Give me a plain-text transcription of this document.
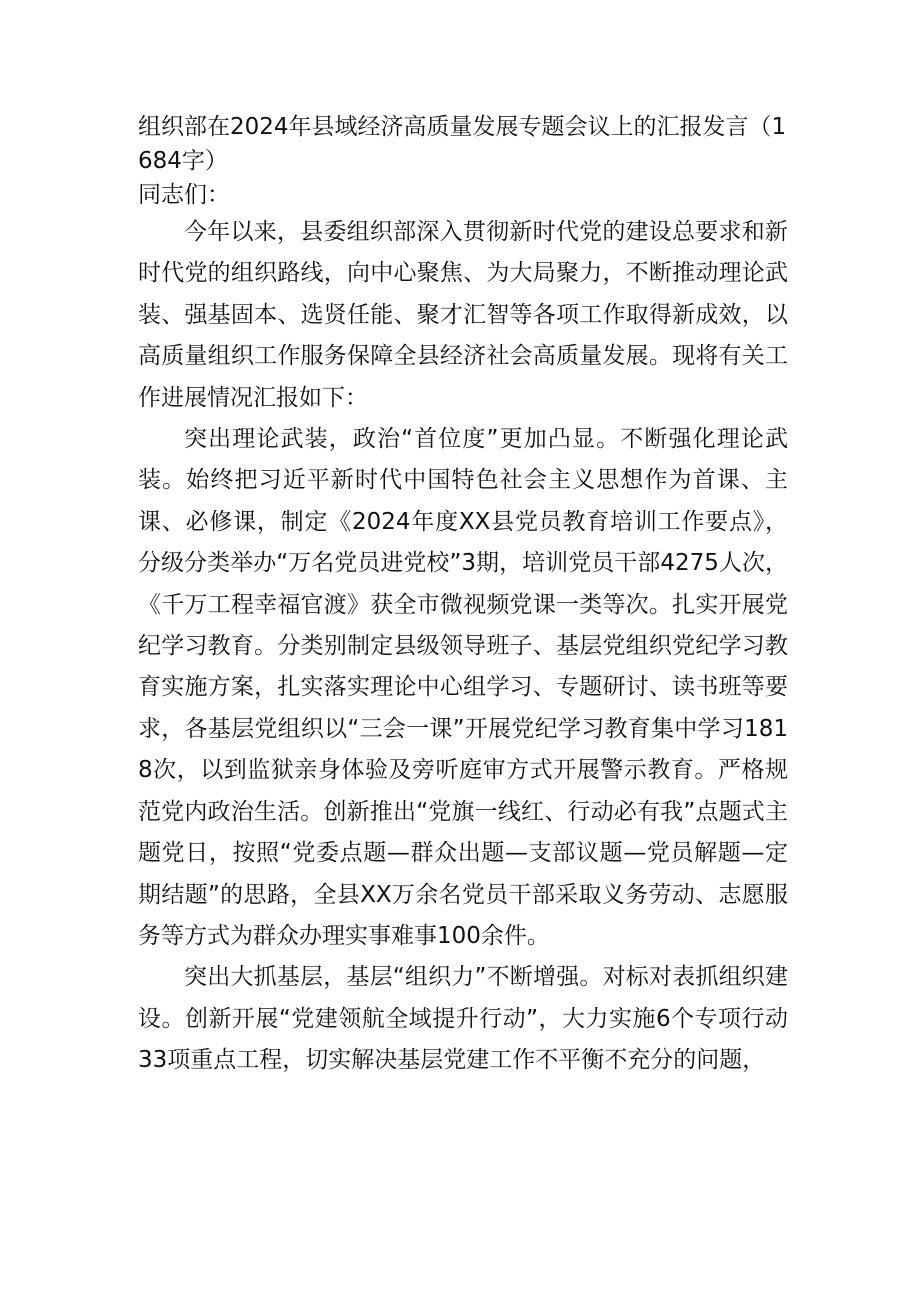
组织部在2024年县域经济高质量发展专题会议上的汇报发言（1684字）

同志们：

今年以来，县委组织部深入贯彻新时代党的建设总要求和新时代党的组织路线，向中心聚焦、为大局聚力，不断推动理论武装、强基固本、选贤任能、聚才汇智等各项工作取得新成效，以高质量组织工作服务保障全县经济社会高质量发展。现将有关工作进展情况汇报如下：

突出理论武装，政治“首位度”更加凸显。不断强化理论武装。始终把习近平新时代中国特色社会主义思想作为首课、主课、必修课，制定《2024年度XX县党员教育培训工作要点》，分级分类举办“万名党员进党校”3期，培训党员干部4275人次，《千万工程幸福官渡》获全市微视频党课一类等次。扎实开展党纪学习教育。分类别制定县级领导班子、基层党组织党纪学习教育实施方案，扎实落实理论中心组学习、专题研讨、读书班等要求，各基层党组织以“三会一课”开展党纪学习教育集中学习1818次，以到监狱亲身体验及旁听庭审方式开展警示教育。严格规范党内政治生活。创新推出“党旗一线红、行动必有我”点题式主题党日，按照“党委点题—群众出题—支部议题—党员解题—定期结题”的思路，全县XX万余名党员干部采取义务劳动、志愿服务等方式为群众办理实事难事100余件。

突出大抓基层，基层“组织力”不断增强。对标对表抓组织建设。创新开展“党建领航全域提升行动”，大力实施6个专项行动33项重点工程，切实解决基层党建工作不平衡不充分的问题，
